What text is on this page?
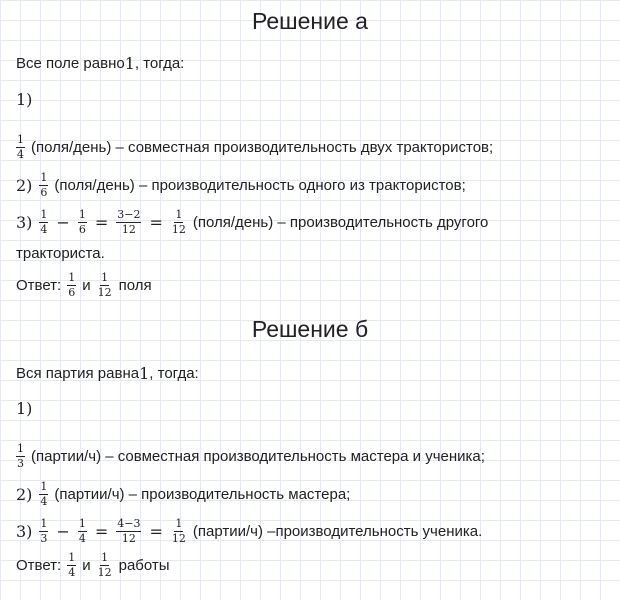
Решение а
Все поле равно 1 , тогда:
1)
$\frac{1}{4}$ (поля/день) – совместная производительность двух трактористов;
$2) \frac{1}{6}$ (поля/день) – производительность одного из трактористов;
$3) \frac{1}{4} - \frac{1}{6} = \frac{3-2}{12} = \frac{1}{12}$ (поля/день) – производительность другого
тракториста.
Ответ: $\frac{1}{6}$ и $\frac{1}{12}$ поля
Решение б
Вся партия равна 1 , тогда:
1)
$\frac{1}{3}$ (партии/ч) – совместная производительность мастера и ученика;
$2) \frac{1}{4}$ (партии/ч) – производительность мастера;
$3) \frac{1}{3} - \frac{1}{4} = \frac{4-3}{12} = \frac{1}{12}$ (партии/ч) –производительность ученика.
Ответ: $\frac{1}{4}$ и $\frac{1}{12}$ работы
